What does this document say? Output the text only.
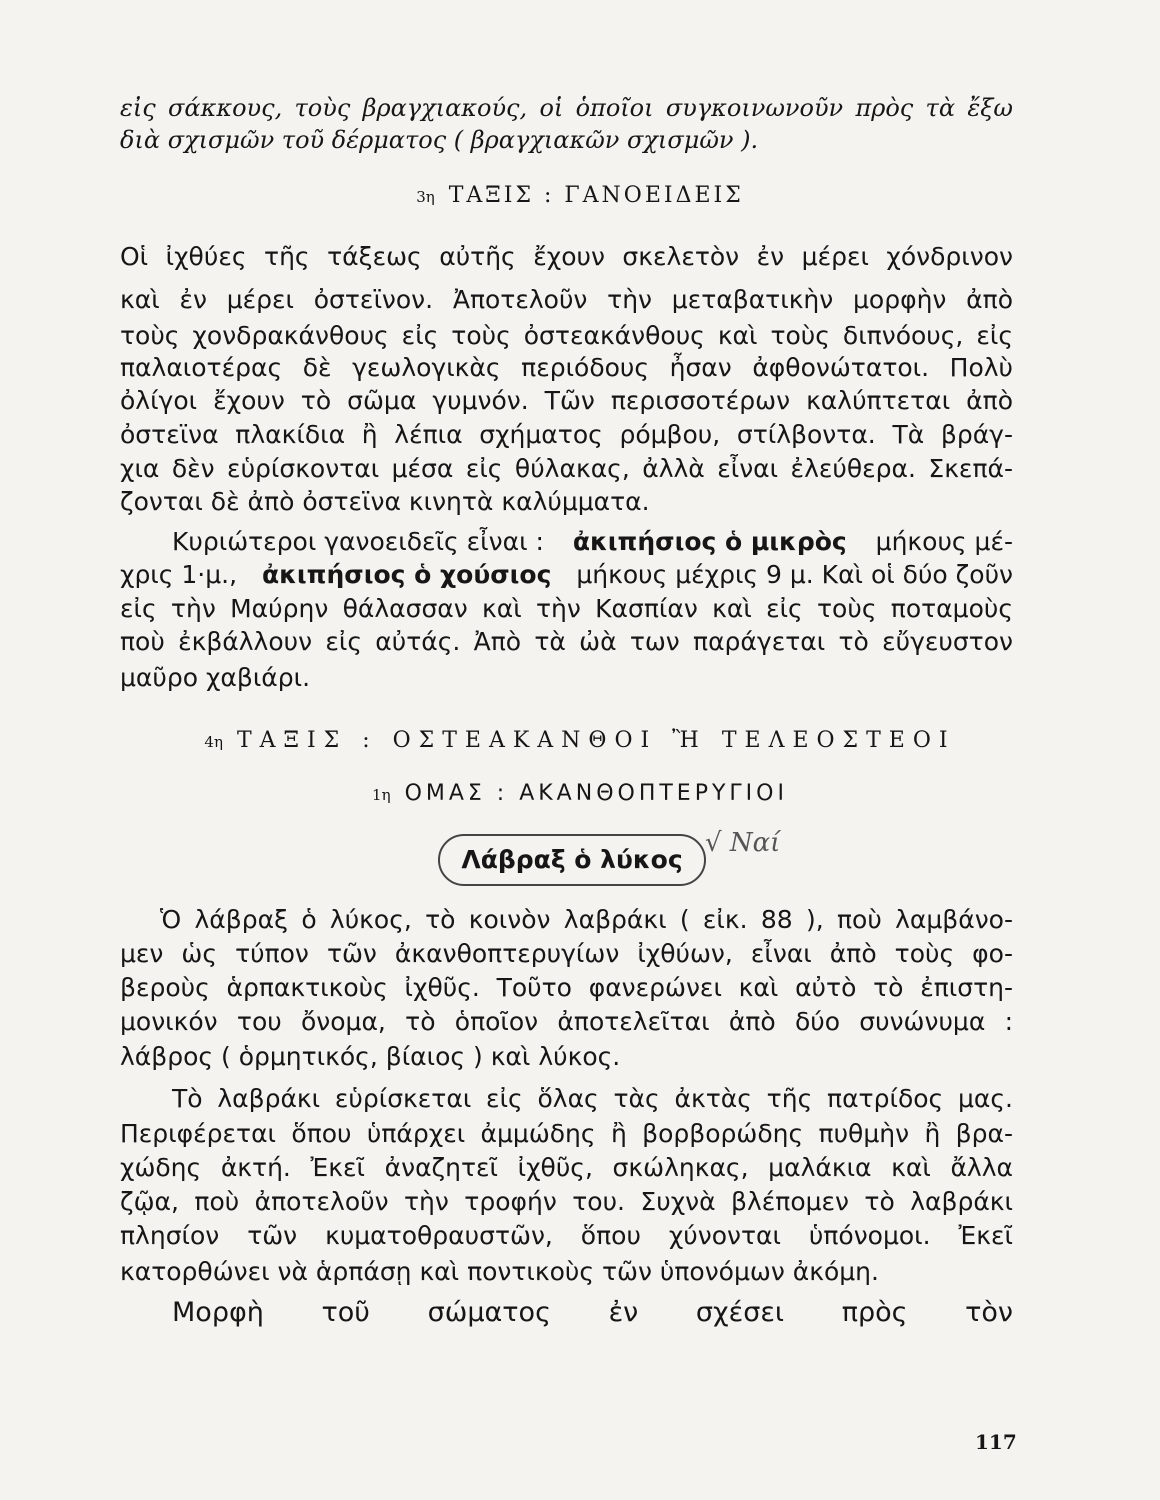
εἰς σάκκους, τοὺς βραγχιακούς, οἱ ὁποῖοι συγκοινωνοῦν πρὸς τὰ ἔξω
διὰ σχισμῶν τοῦ δέρματος ( βραγχιακῶν σχισμῶν ).
3η ΤΑΞΙΣ : ΓΑΝΟΕΙΔΕΙΣ
Οἱ ἰχθύες τῆς τάξεως αὐτῆς ἔχουν σκελετὸν ἐν μέρει χόνδρινον
καὶ ἐν μέρει ὀστεϊνον. Ἀποτελοῦν τὴν μεταβατικὴν μορφὴν ἀπὸ
τοὺς χονδρακάνθους εἰς τοὺς ὀστεακάνθους καὶ τοὺς διπνόους, εἰς
παλαιοτέρας δὲ γεωλογικὰς περιόδους ἦσαν ἀφθονώτατοι. Πολὺ
ὀλίγοι ἔχουν τὸ σῶμα γυμνόν. Τῶν περισσοτέρων καλύπτεται ἀπὸ
ὀστεϊνα πλακίδια ἢ λέπια σχήματος ρόμβου, στίλβοντα. Τὰ βράγ-
χια δὲν εὑρίσκονται μέσα εἰς θύλακας, ἀλλὰ εἶναι ἐλεύθερα. Σκεπά-
ζονται δὲ ἀπὸ ὀστεϊνα κινητὰ καλύμματα.
Κυριώτεροι γανοειδεῖς εἶναι : ἀκιπήσιος ὁ μικρὸς μήκους μέ-
χρις 1·μ., ἀκιπήσιος ὁ χούσιος μήκους μέχρις 9 μ. Καὶ οἱ δύο ζοῦν
εἰς τὴν Μαύρην θάλασσαν καὶ τὴν Κασπίαν καὶ εἰς τοὺς ποταμοὺς
ποὺ ἐκβάλλουν εἰς αὐτάς. Ἀπὸ τὰ ὠὰ των παράγεται τὸ εὔγευστον
μαῦρο χαβιάρι.
4η ΤΑΞΙΣ : ΟΣΤΕΑΚΑΝΘΟΙ Ἢ ΤΕΛΕΟΣΤΕΟΙ
1η ΟΜΑΣ : ΑΚΑΝΘΟΠΤΕΡΥΓΙΟΙ
Λάβραξ ὁ λύκος
√ Ναί
Ὁ λάβραξ ὁ λύκος, τὸ κοινὸν λαβράκι ( εἰκ. 88 ), ποὺ λαμβάνο-
μεν ὡς τύπον τῶν ἀκανθοπτερυγίων ἰχθύων, εἶναι ἀπὸ τοὺς φο-
βεροὺς ἁρπακτικοὺς ἰχθῦς. Τοῦτο φανερώνει καὶ αὐτὸ τὸ ἐπιστη-
μονικόν του ὄνομα, τὸ ὁποῖον ἀποτελεῖται ἀπὸ δύο συνώνυμα :
λάβρος ( ὁρμητικός, βίαιος ) καὶ λύκος.
Τὸ λαβράκι εὑρίσκεται εἰς ὅλας τὰς ἀκτὰς τῆς πατρίδος μας.
Περιφέρεται ὅπου ὑπάρχει ἀμμώδης ἢ βορβορώδης πυθμὴν ἢ βρα-
χώδης ἀκτή. Ἐκεῖ ἀναζητεῖ ἰχθῦς, σκώληκας, μαλάκια καὶ ἄλλα
ζῷα, ποὺ ἀποτελοῦν τὴν τροφήν του. Συχνὰ βλέπομεν τὸ λαβράκι
πλησίον τῶν κυματοθραυστῶν, ὅπου χύνονται ὑπόνομοι. Ἐκεῖ
κατορθώνει νὰ ἁρπάσῃ καὶ ποντικοὺς τῶν ὑπονόμων ἀκόμη.
Μορφὴ τοῦ σώματος ἐν σχέσει πρὸς τὸν
117
